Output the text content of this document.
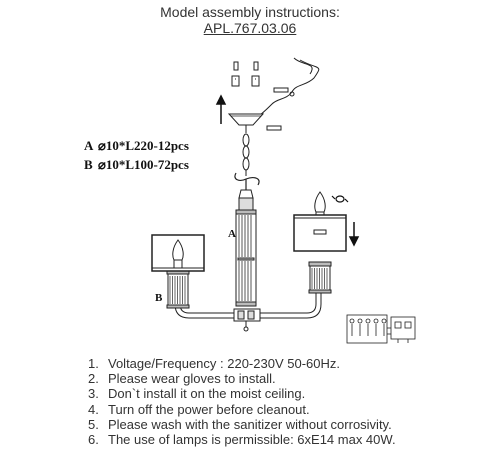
Model assembly instructions:
APL.767.03.06
A
B
A ⌀10*L220-12pcs
B ⌀10*L100-72pcs
1. Voltage/Frequency : 220-230V 50-60Hz.
2. Please wear gloves to install.
3. Don`t install it on the moist ceiling.
4. Turn off the power before cleanout.
5. Please wash with the sanitizer without corrosivity.
6. The use of lamps is permissible: 6xE14 max 40W.
